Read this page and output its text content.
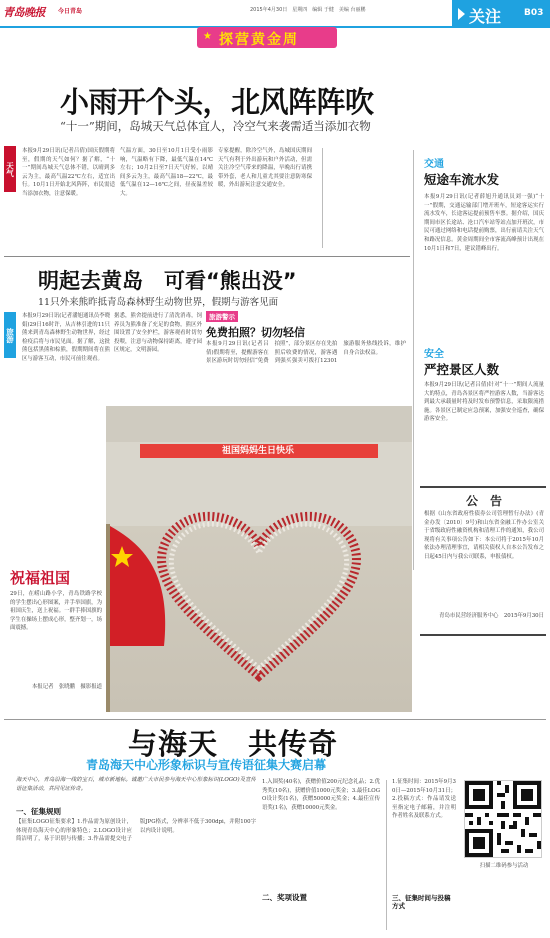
青岛晚报 今日青岛	2015年4月30日　星期四　编辑 于健　美编 台丽鹏	关注	B03
★ 探营黄金周
小雨开个头，北风阵阵吹
“十一”期间，岛城天气总体宜人，冷空气来袭需适当添加衣物
天气
本报9月29日讯(记者吕倩)国庆假期将至，假期的天气如何？据了解，“十一”期间岛城天气总体不错，以晴到多云为主，最高气温22℃左右，适宜出行。10月1日开始北风阵阵，市民需适当添加衣物，注意保暖。
气温方面，30日至10月1日受小雨影响，气温略有下降，最低气温在14℃左右；10月2日至7日天气好转，以晴间多云为主，最高气温18—22℃，最低气温在12—16℃之间，昼夜温差较大。
专家提醒，除冷空气外，岛城国庆期间天气有利于外出游玩和户外活动，但需关注冷空气带来的降温，早晚出行请携带外套，老人和儿童尤其要注意防寒保暖，外出游玩注意交通安全。
交通
短途车流水发
本报9月29日讯(记者薛旭升通讯员刘一强)“十一”假期，交通运输部门增开班车，短途客运实行流水发车，长途客运提前预售车票。据介绍，国庆期间市区长途站、沧口汽车站等站点加开班次，市民可通过网络和电话提前购票，出行前请关注天气和路况信息。黄金周期间全市客流高峰预计出现在10月1日和7日，建议错峰出行。
安全
严控景区人数
本报9月29日讯(记者吕倩)针对“十一”期间人流量大的特点，青岛各景区将严控游客人数，当游客达到最大承载量时将及时发布预警信息，采取限流措施。各景区已制定应急预案，加强安全巡查，确保游客安全。
公　告
根据《山东省政府性债券公司管理暂行办法》(青金办发〔2010〕9号)和山东省金融工作办公室关于省级政府性融资机构和清理工作的通知，我公司现将有关事项公告如下：本公司将于2015年10月依法办理清理事宜，请相关债权人自本公告发布之日起45日内与我公司联系，申报债权。
青岛市民营经济服务中心　2015年9月30日
旅游
明起去黄岛　可看“熊出没”
11只外来熊昨抵青岛森林野生动物世界，假期与游客见面
本报9月29日讯(记者潘旭通讯员李晓娟)29日16时许，从吉林引进的11只熊来到青岛森林野生动物世界，经过检疫后将与市民见面。据了解，这批熊包括黑熊和棕熊，假期期间将在熊区与游客互动，市民可前往观看。
据悉，熊舍提前进行了清洗消毒，饲养员为熊准备了充足的食物，熊区外围设置了安全护栏，游客观看时切勿投喂，注意与动物保持距离，遵守园区规定，文明游园。
旅游警示
免费拍照？切勿轻信
本报9月29日讯(记者吕倩)假期将至，提醒游客在景区游玩时切勿轻信“免费拍照”，部分景区存在先拍照后收费的情况，游客遇到强买强卖可拨打12301旅游服务热线投诉，维护自身合法权益。
祝福祖国
29日，在崂山路小学，青岛铁路学校的学生摆出心形图案，并手举国旗，为祖国庆生，送上祝福。一群手捧国旗的学生在操场上摆成心形，整齐划一，场面震撼。
本报记者　张晓鹏　摄影报道
祖国妈妈生日快乐
与海天　共传奇
青岛海天中心形象标识与宣传语征集大赛启幕
海天中心，青岛沿海一线的宝石，城市新地标。诚邀广大市民参与海天中心形象标识(LOGO)及宣传语征集活动，共同见证传奇。
一、征集规则
【征集LOGO征集要求】1.作品需为原创设计，体现青岛海天中心的形象特色；2.LOGO设计应简洁明了，易于识别与传播；3.作品需提交电子版JPG格式，分辨率不低于300dpi，并附100字以内设计说明。
1.入围奖(40名)，获赠价值200元纪念礼品；2.优秀奖(10名)，获赠价值1000元奖金；3.最佳LOGO设计奖(1名)，获赠50000元奖金；4.最佳宣传语奖(1名)，获赠10000元奖金。
二、奖项设置
1.征集时间：2015年9月30日—2015年10月31日；2.投稿方式：作品请发送至指定电子邮箱，并注明作者姓名及联系方式。
三、征集时间与投稿方式
扫描二维码参与活动
